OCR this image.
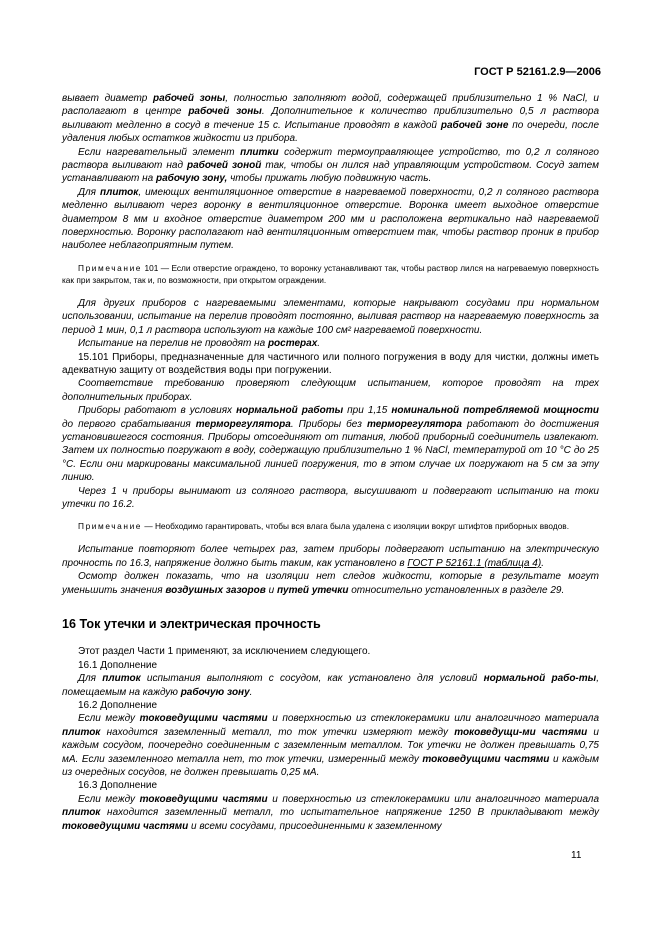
ГОСТ Р 52161.2.9—2006

вывает диаметр рабочей зоны, полностью заполняют водой, содержащей приблизительно 1 % NaCl, и располагают в центре рабочей зоны. Дополнительное к количество приблизительно 0,5 л раствора выливают медленно в сосуд в течение 15 с. Испытание проводят в каждой рабочей зоне по очереди, после удаления любых остатков жидкости из прибора.

Если нагревательный элемент плитки содержит термоуправляющее устройство, то 0,2 л соляного раствора выливают над рабочей зоной так, чтобы он лился над управляющим устройством. Сосуд затем устанавливают на рабочую зону, чтобы прижать любую подвижную часть.

Для плиток, имеющих вентиляционное отверстие в нагреваемой поверхности, 0,2 л соляного раствора медленно выливают через воронку в вентиляционное отверстие. Воронка имеет выходное отверстие диаметром 8 мм и входное отверстие диаметром 200 мм и расположена вертикально над нагреваемой поверхностью. Воронку располагают над вентиляционным отверстием так, чтобы раствор проник в прибор наиболее неблагоприятным путем.

Примечание 101 — Если отверстие ограждено, то воронку устанавливают так, чтобы раствор лился на нагреваемую поверхность как при закрытом, так и, по возможности, при открытом ограждении.

Для других приборов с нагреваемыми элементами, которые накрывают сосудами при нормальном использовании, испытание на перелив проводят постоянно, выливая раствор на нагреваемую поверхность за период 1 мин, 0,1 л раствора используют на каждые 100 см² нагреваемой поверхности.

Испытание на перелив не проводят на ростерах.

15.101 Приборы, предназначенные для частичного или полного погружения в воду для чистки, должны иметь адекватную защиту от воздействия воды при погружении.

Соответствие требованию проверяют следующим испытанием, которое проводят на трех дополнительных приборах.

Приборы работают в условиях нормальной работы при 1,15 номинальной потребляемой мощности до первого срабатывания терморегулятора. Приборы без терморегулятора работают до достижения установившегося состояния. Приборы отсоединяют от питания, любой приборный соединитель извлекают. Затем их полностью погружают в воду, содержащую приблизительно 1 % NaCl, температурой от 10 °С до 25 °С. Если они маркированы максимальной линией погружения, то в этом случае их погружают на 5 см за эту линию.

Через 1 ч приборы вынимают из соляного раствора, высушивают и подвергают испытанию на токи утечки по 16.2.

Примечание — Необходимо гарантировать, чтобы вся влага была удалена с изоляции вокруг штифтов приборных вводов.

Испытание повторяют более четырех раз, затем приборы подвергают испытанию на электрическую прочность по 16.3, напряжение должно быть таким, как установлено в ГОСТ Р 52161.1 (таблица 4).

Осмотр должен показать, что на изоляции нет следов жидкости, которые в результате могут уменьшить значения воздушных зазоров и путей утечки относительно установленных в разделе 29.

16 Ток утечки и электрическая прочность

Этот раздел Части 1 применяют, за исключением следующего.

16.1 Дополнение

Для плиток испытания выполняют с сосудом, как установлено для условий нормальной рабо-ты, помещаемым на каждую рабочую зону.

16.2 Дополнение

Если между токоведущими частями и поверхностью из стеклокерамики или аналогичного материала плиток находится заземленный металл, то ток утечки измеряют между токоведущи-ми частями и каждым сосудом, поочередно соединенным с заземленным металлом. Ток утечки не должен превышать 0,75 мА. Если заземленного металла нет, то ток утечки, измеренный между токоведущими частями и каждым из очередных сосудов, не должен превышать 0,25 мА.

16.3 Дополнение

Если между токоведущими частями и поверхностью из стеклокерамики или аналогичного материала плиток находится заземленный металл, то испытательное напряжение 1250 В прикладывают между токоведущими частями и всеми сосудами, присоединенными к заземленному

11
